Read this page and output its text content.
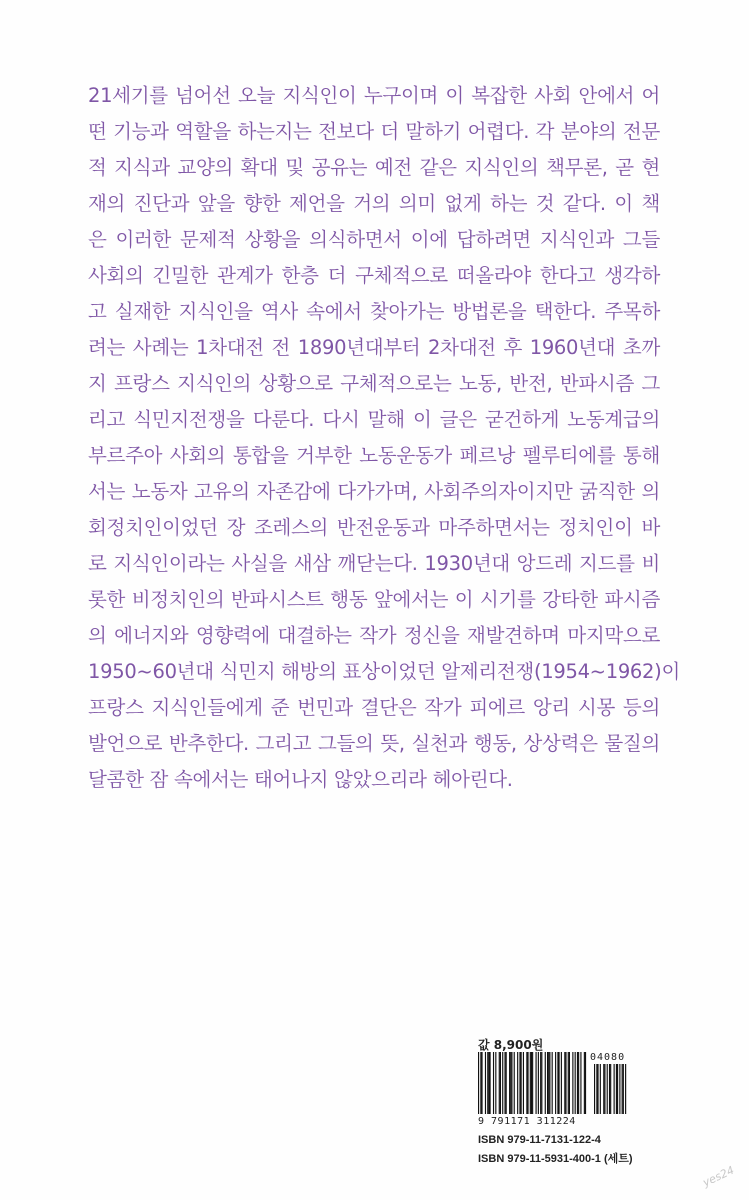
21세기를 넘어선 오늘 지식인이 누구이며 이 복잡한 사회 안에서 어
떤 기능과 역할을 하는지는 전보다 더 말하기 어렵다. 각 분야의 전문
적 지식과 교양의 확대 및 공유는 예전 같은 지식인의 책무론, 곧 현
재의 진단과 앞을 향한 제언을 거의 의미 없게 하는 것 같다. 이 책
은 이러한 문제적 상황을 의식하면서 이에 답하려면 지식인과 그들
사회의 긴밀한 관계가 한층 더 구체적으로 떠올라야 한다고 생각하
고 실재한 지식인을 역사 속에서 찾아가는 방법론을 택한다. 주목하
려는 사례는 1차대전 전 1890년대부터 2차대전 후 1960년대 초까
지 프랑스 지식인의 상황으로 구체적으로는 노동, 반전, 반파시즘 그
리고 식민지전쟁을 다룬다. 다시 말해 이 글은 굳건하게 노동계급의
부르주아 사회의 통합을 거부한 노동운동가 페르낭 펠루티에를 통해
서는 노동자 고유의 자존감에 다가가며, 사회주의자이지만 굵직한 의
회정치인이었던 장 조레스의 반전운동과 마주하면서는 정치인이 바
로 지식인이라는 사실을 새삼 깨닫는다. 1930년대 앙드레 지드를 비
롯한 비정치인의 반파시스트 행동 앞에서는 이 시기를 강타한 파시즘
의 에너지와 영향력에 대결하는 작가 정신을 재발견하며 마지막으로
1950~60년대 식민지 해방의 표상이었던 알제리전쟁(1954~1962)이
프랑스 지식인들에게 준 번민과 결단은 작가 피에르 앙리 시몽 등의
발언으로 반추한다. 그리고 그들의 뜻, 실천과 행동, 상상력은 물질의
달콤한 잠 속에서는 태어나지 않았으리라 헤아린다.
값 8,900원
04080
9 791171 311224
ISBN 979-11-7131-122-4
ISBN 979-11-5931-400-1 (세트)
yes24
